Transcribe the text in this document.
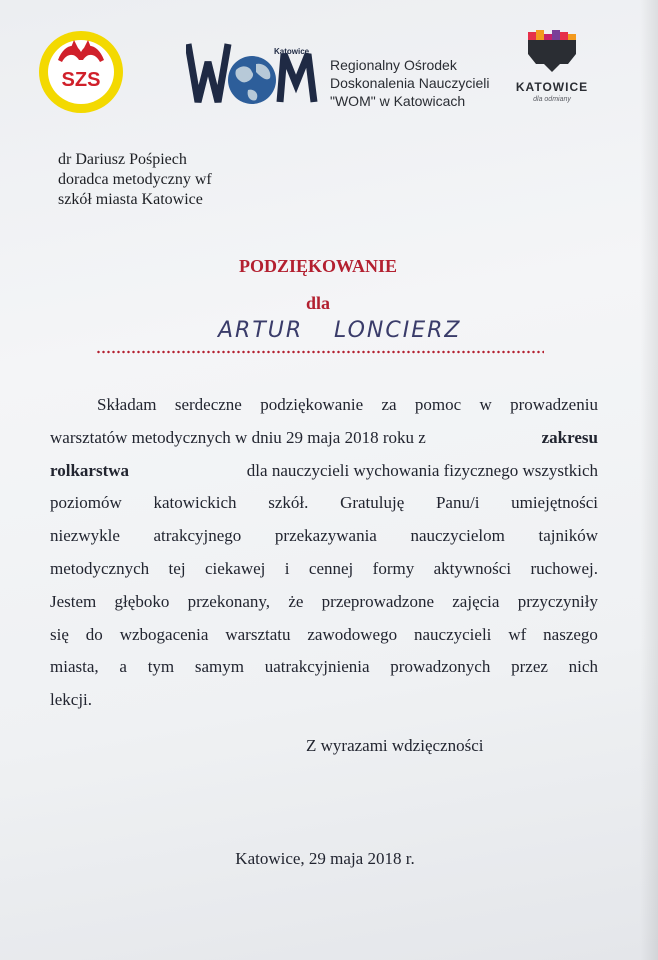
SZS
Katowice
Regionalny Ośrodek
Doskonalenia Nauczycieli
"WOM" w Katowicach
KATOWICE
dla odmiany
dr Dariusz Pośpiech
doradca metodyczny wf
szkół miasta Katowice
PODZIĘKOWANIE
dla
ARTUR LONCIERZ
Składam serdeczne podziękowanie za pomoc w prowadzeniu
warsztatów metodycznych w dniu 29 maja 2018 roku z
	zakresu
rolkarstwa
	dla nauczycieli wychowania fizycznego wszystkich
poziomów katowickich szkół. Gratuluję Panu/i umiejętności
niezwykle atrakcyjnego przekazywania nauczycielom tajników
metodycznych tej ciekawej i cennej formy aktywności ruchowej.
Jestem głęboko przekonany, że przeprowadzone zajęcia przyczyniły
się do wzbogacenia warsztatu zawodowego nauczycieli wf naszego
miasta, a tym samym uatrakcyjnienia prowadzonych przez nich
lekcji.
Z wyrazami wdzięczności
Katowice, 29 maja 2018 r.
